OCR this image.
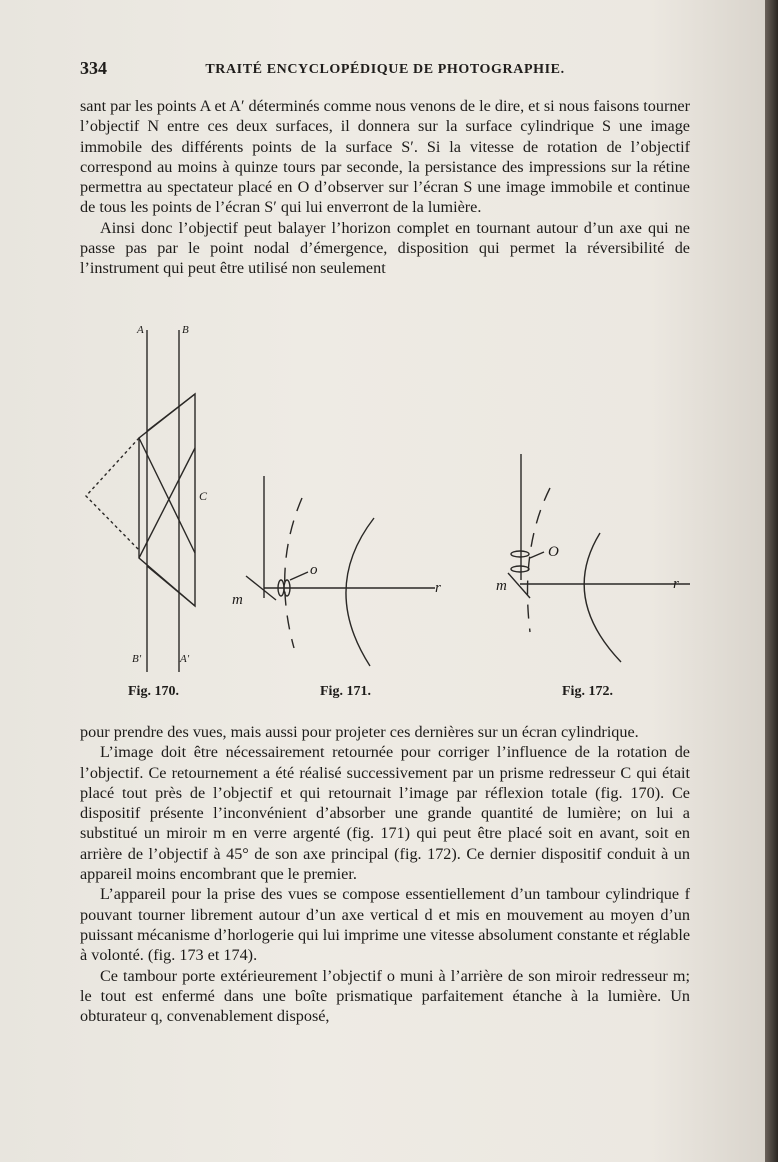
334	TRAITÉ ENCYCLOPÉDIQUE DE PHOTOGRAPHIE.

sant par les points A et A′ déterminés comme nous venons de le dire, et si nous faisons tourner l’objectif N entre ces deux surfaces, il donnera sur la surface cylindrique S une image immobile des différents points de la surface S′. Si la vitesse de rotation de l’objectif correspond au moins à quinze tours par seconde, la persistance des impressions sur la rétine permettra au spectateur placé en O d’observer sur l’écran S une image immobile et continue de tous les points de l’écran S′ qui lui enverront de la lumière.

Ainsi donc l’objectif peut balayer l’horizon complet en tournant autour d’un axe qui ne passe pas par le point nodal d’émergence, disposition qui permet la réversibilité de l’instrument qui peut être utilisé non seulement

A	B
C
B′	A′
o
m
r
O
m	r
Fig. 170.	Fig. 171.	Fig. 172.

pour prendre des vues, mais aussi pour projeter ces dernières sur un écran cylindrique.

L’image doit être nécessairement retournée pour corriger l’influence de la rotation de l’objectif. Ce retournement a été réalisé successivement par un prisme redresseur C qui était placé tout près de l’objectif et qui retournait l’image par réflexion totale (fig. 170). Ce dispositif présente l’inconvénient d’absorber une grande quantité de lumière; on lui a substitué un miroir m en verre argenté (fig. 171) qui peut être placé soit en avant, soit en arrière de l’objectif à 45° de son axe principal (fig. 172). Ce dernier dispositif conduit à un appareil moins encombrant que le premier.

L’appareil pour la prise des vues se compose essentiellement d’un tambour cylindrique f pouvant tourner librement autour d’un axe vertical d et mis en mouvement au moyen d’un puissant mécanisme d’horlogerie qui lui imprime une vitesse absolument constante et réglable à volonté. (fig. 173 et 174).

Ce tambour porte extérieurement l’objectif o muni à l’arrière de son miroir redresseur m; le tout est enfermé dans une boîte prismatique parfaitement étanche à la lumière. Un obturateur q, convenablement disposé,
